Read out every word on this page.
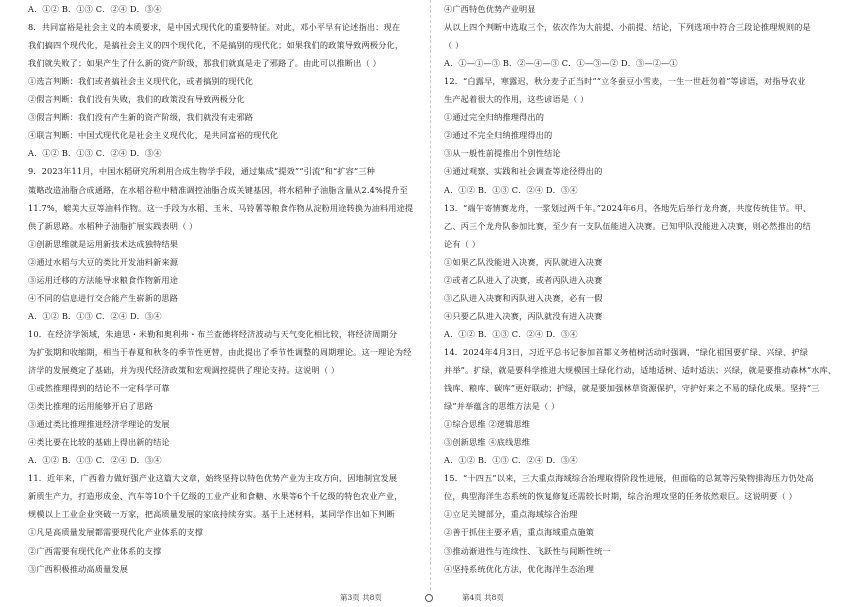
A．①② B．①③ C．②④ D．③④
8．共同富裕是社会主义的本质要求，是中国式现代化的重要特征。对此，邓小平早有论述指出：现在
我们搞四个现代化，是搞社会主义的四个现代化，不是搞别的现代化；如果我们的政策导致两极分化，
我们就失败了；如果产生了什么新的资产阶级，那我们就真是走了邪路了。由此可以推断出（ ）
①选言判断：我们或者搞社会主义现代化，或者搞别的现代化
②假言判断：我们没有失败，我们的政策没有导致两极分化
③假言判断：我们没有产生新的资产阶级，我们就没有走邪路
④联言判断：中国式现代化是社会主义现代化，是共同富裕的现代化
A．①② B．①③ C．②④ D．③④
9．2023年11月，中国水稻研究所利用合成生物学手段，通过集成“提效”“引流”和“扩容”三种
策略改造油脂合成通路，在水稻谷粒中精准调控油脂合成关键基因，将水稻种子油脂含量从2.4%提升至
11.7%，媲美大豆等油料作物。这一手段为水稻、玉米、马铃薯等粮食作物从淀粉用途转换为油料用途提
供了新思路。水稻种子油脂扩展实践表明（ ）
①创新思维就是运用新技术达成独特结果
②通过水稻与大豆的类比开发油料新来源
③运用迁移的方法能导求粮食作物新用途
④不同的信息进行交合能产生崭新的思路
A．①② B．①③ C．②④ D．③④
10．在经济学领域，朱迪思・米勒和奥利弗・布兰查德将经济波动与天气变化相比较，将经济周期分
为扩张期和收缩期，相当于春夏和秋冬的季节性更替，由此提出了季节性调整的周期理论。这一理论为经
济学的发展奠定了基础，并为现代经济政策和宏观调控提供了理论支持。这说明（ ）
①或然推理得到的结论不一定科学可靠
②类比推理的运用能够开启了思路
③通过类比推理推进经济学理论的发展
④类比要在比较的基础上得出新的结论
A．①② B．①③ C．②④ D．③④
11．近年来，广西着力做好强产业这篇大文章，始终坚持以特色优势产业为主攻方向，因地制宜发展
新质生产力，打造形成金、汽车等10个千亿级的工业产业和食糖、水果等6个千亿级的特色农业产业，
规模以上工业企业突破一万家，把高质量发展的家底持续夯实。基于上述材料，某同学作出如下判断
①凡是高质量发展都需要现代化产业体系的支撑
②广西需要有现代化产业体系的支撑
③广西积极推动高质量发展
④广西特色优势产业明显
从以上四个判断中选取三个，依次作为大前提、小前提、结论，下列选项中符合三段论推理规则的是
（ ）
A．①—①—③ B．②—④—③ C．①—③—② D．③—②—①
12．“白露早，寒露迟，秋分麦子正当时”“立冬蚕豆小雪麦，一生一世赶勿着”等谚语，对指导农业
生产起着很大的作用，这些谚语是（ ）
①通过完全归纳推理得出的
②通过不完全归纳推理得出的
③从一般性前提推出个别性结论
④通过观察、实践和社会调查等途径得出的
A．①② B．①③ C．②④ D．③④
13．“端午寄情赛龙舟，一浆划过两千年。”2024年6月，各地先后举行龙舟赛，共度传统佳节。甲、
乙、丙三个龙舟队参加比赛，至少有一支队伍能进入决赛。已知甲队没能进入决赛，则必然推出的结
论有（ ）
①如果乙队没能进入决赛，丙队就进入决赛
②或者乙队进入了决赛，或者丙队进入决赛
③乙队进入决赛和丙队进入决赛，必有一假
④只要乙队进入决赛，丙队就没有进入决赛
A．①② B．①③ C．②④ D．③④
14．2024年4月3日，习近平总书记参加首都义务植树活动时强调，“绿化祖国要扩绿、兴绿、护绿
并举”。扩绿，就是要科学推进大规模国土绿化行动，适地适树、适时适法；兴绿，就是要推动森林“水库、
钱库、粮库、碳库”更好联动；护绿，就是要加强林草资源保护，守护好来之不易的绿化成果。坚持“三
绿”并举蕴含的思维方法是（ ）
①综合思维 ②逻辑思维
③创新思维 ④底线思维
A．①② B．①③ C．②④ D．③④
15．“十四五”以来，三大重点海域综合治理取得阶段性进展，但面临的总氮等污染物排海压力仍处高
位，典型海洋生态系统的恢复修复还需较长时期，综合治理攻坚的任务依然艰巨。这说明要（ ）
①立足关键部分，重点海域综合治理
②善于抓住主要矛盾，重点海域重点施策
③推动渐进性与连续性、飞跃性与间断性统一
④坚持系统优化方法，优化海洋生态治理
第3页 共8页	第4页 共8页
